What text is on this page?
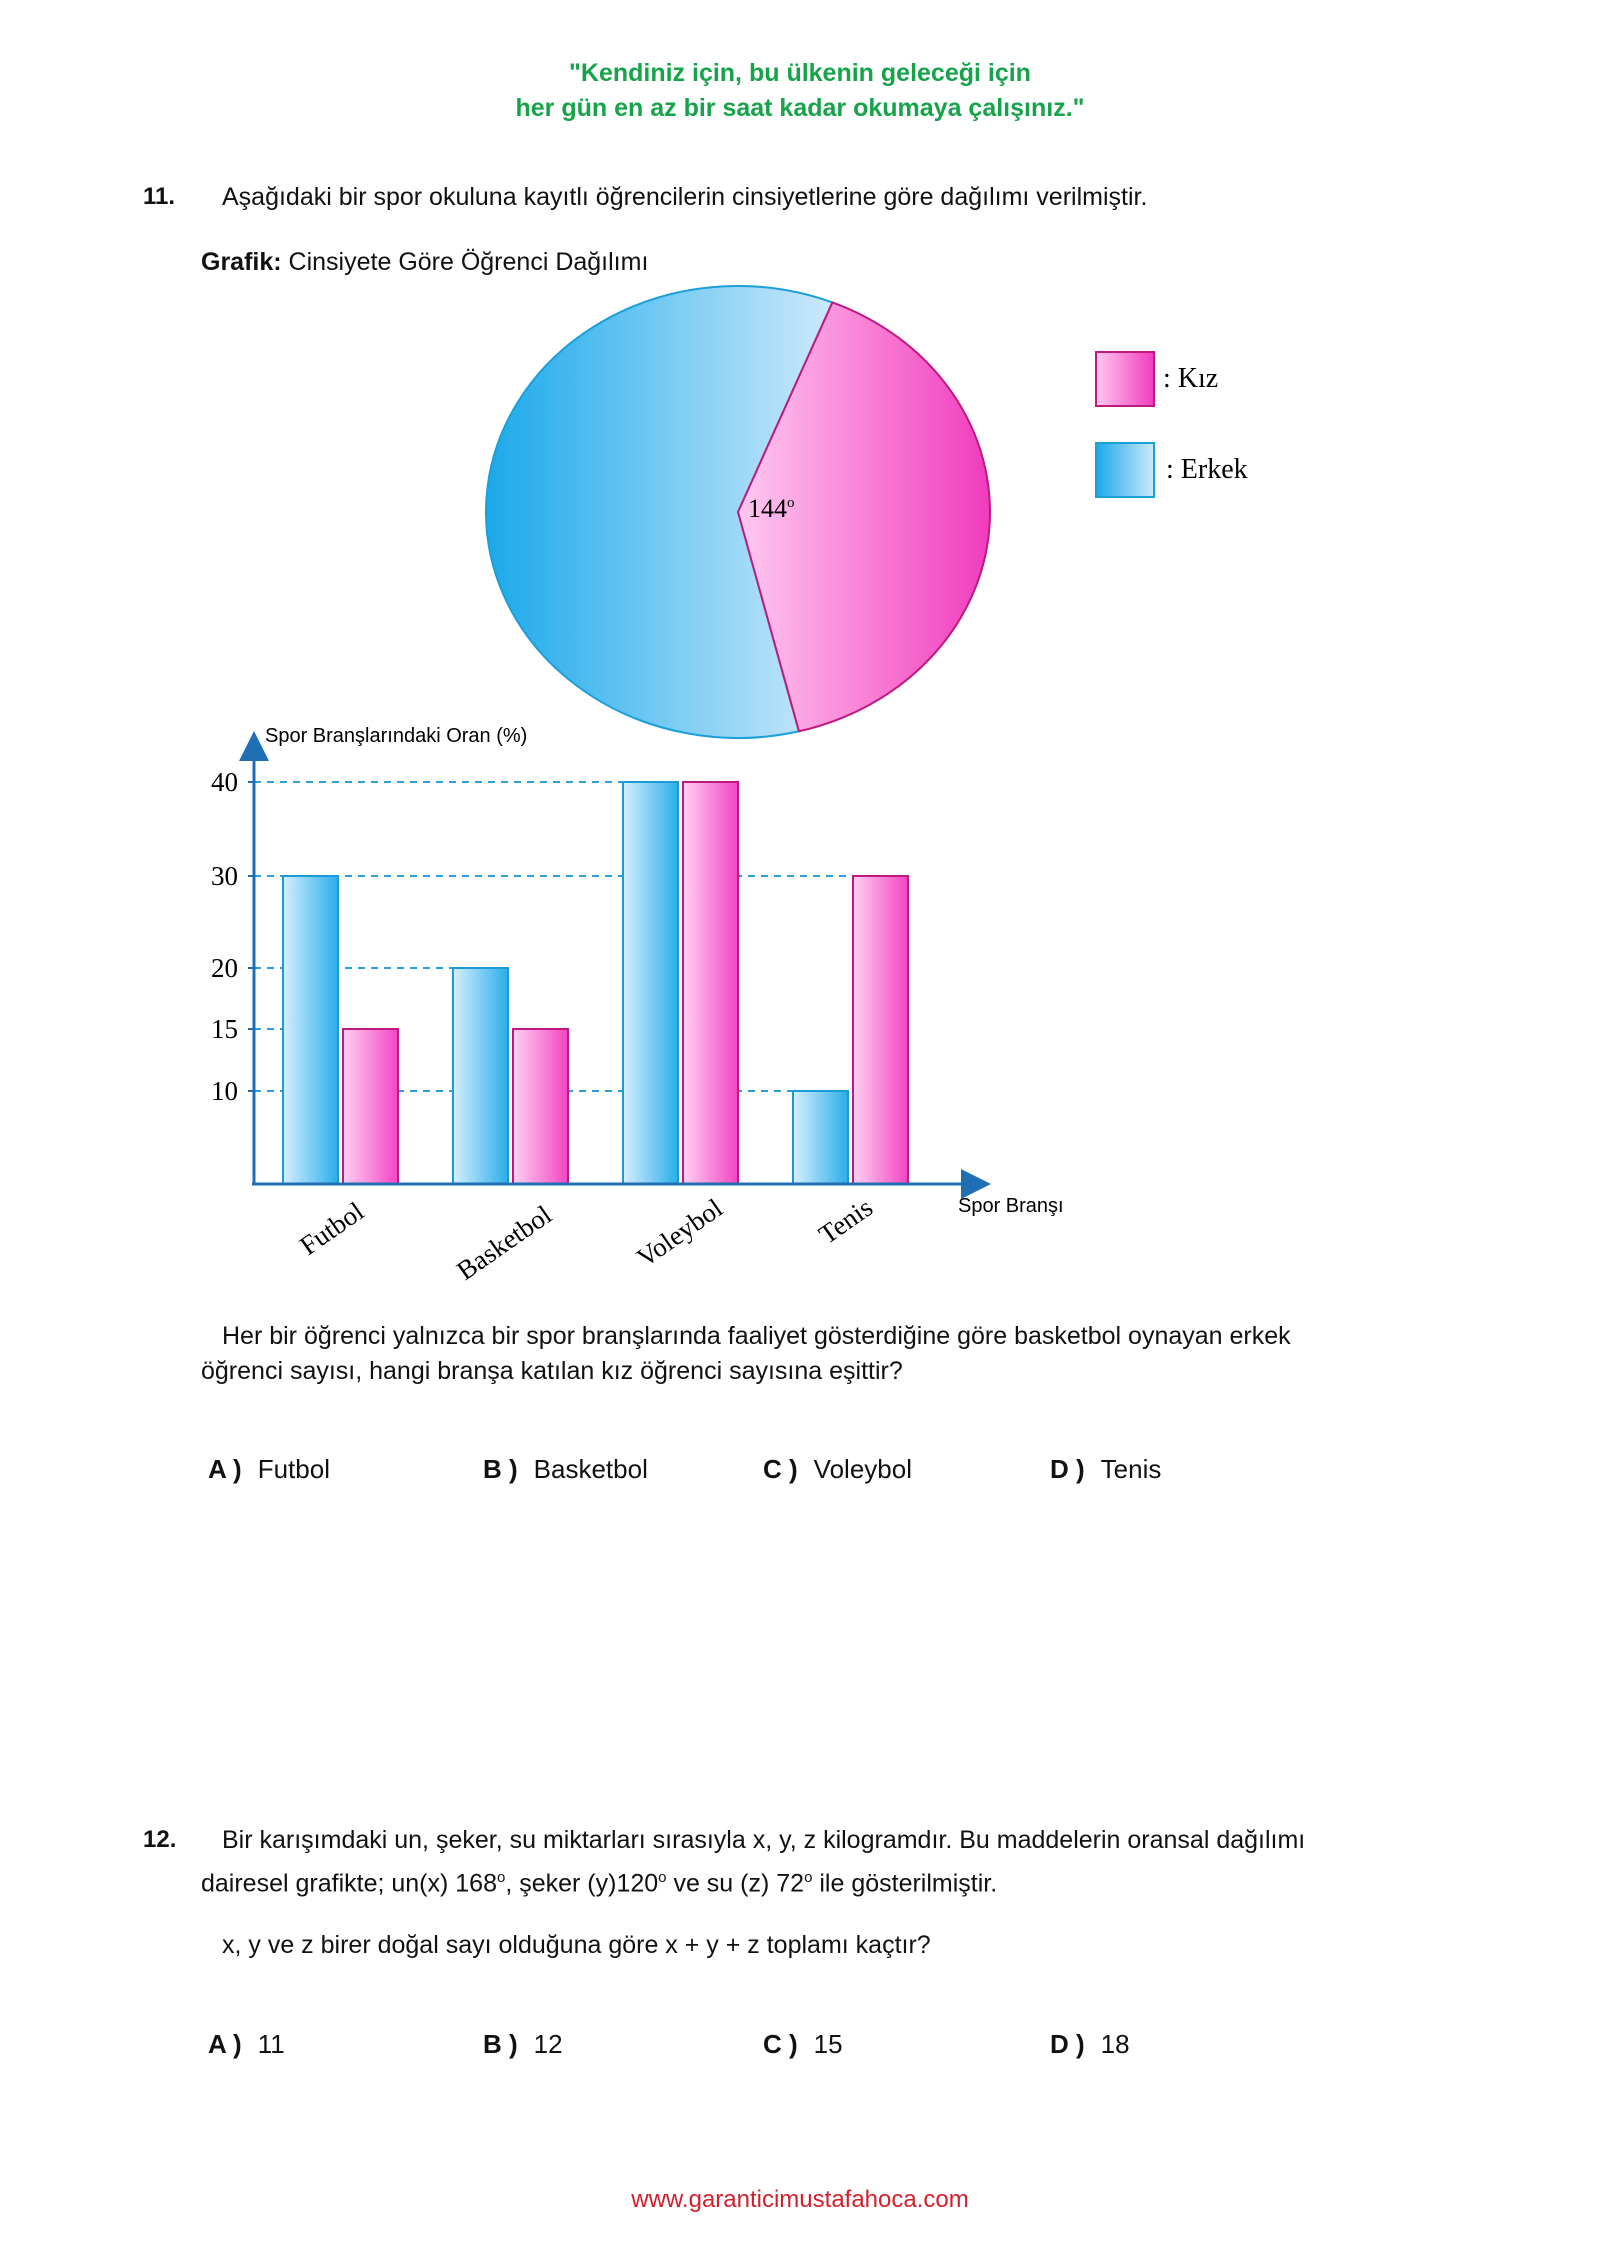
"Kendiniz için, bu ülkenin geleceği için
her gün en az bir saat kadar okumaya çalışınız."
11. Aşağıdaki bir spor okuluna kayıtlı öğrencilerin cinsiyetlerine göre dağılımı verilmiştir.
Grafik: Cinsiyete Göre Öğrenci Dağılımı
144$^o$
: Kız
: Erkek
Spor Branşlarındaki Oran (%)
Spor Branşı
10
15
20
30
40
Futbol	Basketbol	Voleybol	Tenis
Her bir öğrenci yalnızca bir spor branşlarında faaliyet gösterdiğine göre basketbol oynayan erkek
öğrenci sayısı, hangi branşa katılan kız öğrenci sayısına eşittir?
A ) Futbol	B ) Basketbol	C ) Voleybol	D ) Tenis
12. Bir karışımdaki un, şeker, su miktarları sırasıyla x, y, z kilogramdır. Bu maddelerin oransal dağılımı
dairesel grafikte; un(x) 168$^o$, şeker (y)120$^o$ ve su (z) 72$^o$ ile gösterilmiştir.
x, y ve z birer doğal sayı olduğuna göre x + y + z toplamı kaçtır?
A ) 11	B ) 12	C ) 15	D ) 18
www.garanticimustafahoca.com
